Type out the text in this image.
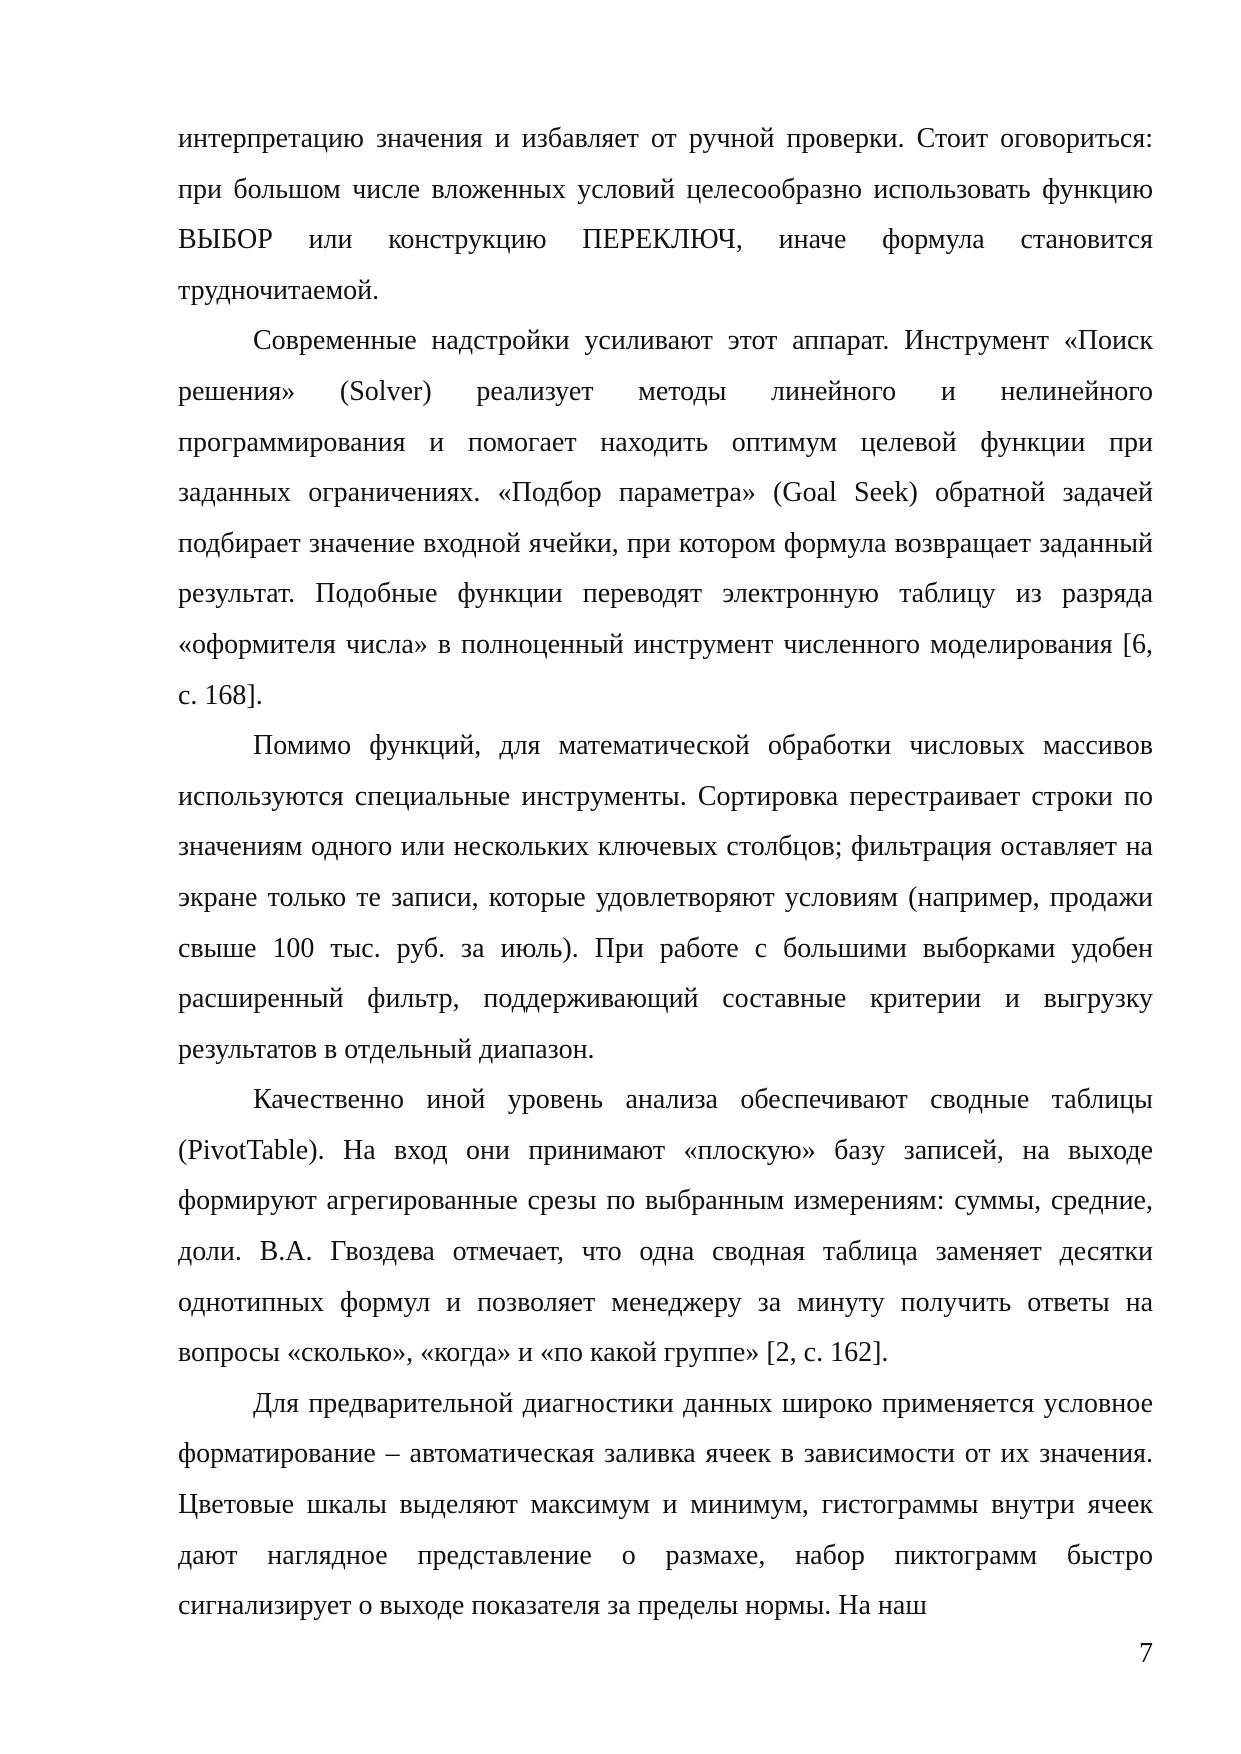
интерпретацию значения и избавляет от ручной проверки. Стоит оговориться: при большом числе вложенных условий целесообразно использовать функцию ВЫБОР или конструкцию ПЕРЕКЛЮЧ, иначе формула становится трудночитаемой.

Современные надстройки усиливают этот аппарат. Инструмент «Поиск решения» (Solver) реализует методы линейного и нелинейного программирования и помогает находить оптимум целевой функции при заданных ограничениях. «Подбор параметра» (Goal Seek) обратной задачей подбирает значение входной ячейки, при котором формула возвращает заданный результат. Подобные функции переводят электронную таблицу из разряда «оформителя числа» в полноценный инструмент численного моделирования [6, с. 168].

Помимо функций, для математической обработки числовых массивов используются специальные инструменты. Сортировка перестраивает строки по значениям одного или нескольких ключевых столбцов; фильтрация оставляет на экране только те записи, которые удовлетворяют условиям (например, продажи свыше 100 тыс. руб. за июль). При работе с большими выборками удобен расширенный фильтр, поддерживающий составные критерии и выгрузку результатов в отдельный диапазон.

Качественно иной уровень анализа обеспечивают сводные таблицы (PivotTable). На вход они принимают «плоскую» базу записей, на выходе формируют агрегированные срезы по выбранным измерениям: суммы, средние, доли. В.А. Гвоздева отмечает, что одна сводная таблица заменяет десятки однотипных формул и позволяет менеджеру за минуту получить ответы на вопросы «сколько», «когда» и «по какой группе» [2, с. 162].

Для предварительной диагностики данных широко применяется условное форматирование – автоматическая заливка ячеек в зависимости от их значения. Цветовые шкалы выделяют максимум и минимум, гистограммы внутри ячеек дают наглядное представление о размахе, набор пиктограмм быстро сигнализирует о выходе показателя за пределы нормы. На наш

7
